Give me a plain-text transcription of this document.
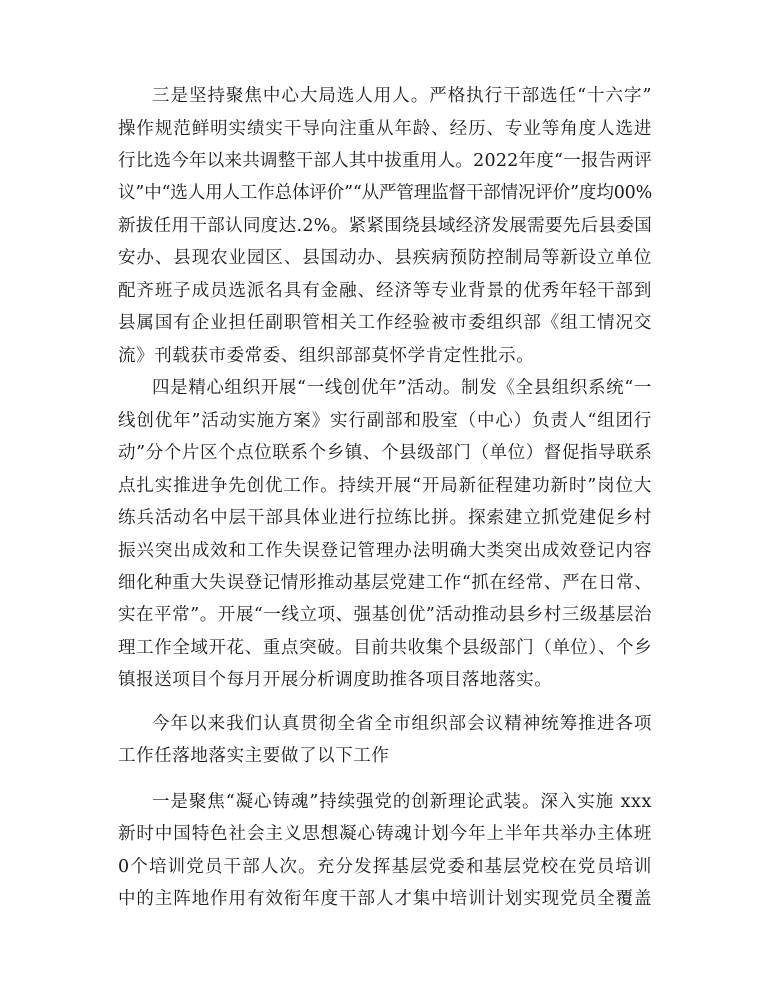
三是坚持聚焦中心大局选人用人。严格执行干部选任“十六字”
操作规范鲜明实绩实干导向注重从年龄、经历、专业等角度人选进
行比选今年以来共调整干部人其中拔重用人。2022年度“一报告两评
议”中“选人用人工作总体评价”“从严管理监督干部情况评价”度均00%
新拔任用干部认同度达.2%。紧紧围绕县域经济发展需要先后县委国
安办、县现农业园区、县国动办、县疾病预防控制局等新设立单位
配齐班子成员选派名具有金融、经济等专业背景的优秀年轻干部到
县属国有企业担任副职管相关工作经验被市委组织部《组工情况交
流》刊载获市委常委、组织部部莫怀学肯定性批示。
四是精心组织开展“一线创优年”活动。制发《全县组织系统“一
线创优年”活动实施方案》实行副部和股室（中心）负责人“组团行
动”分个片区个点位联系个乡镇、个县级部门（单位）督促指导联系
点扎实推进争先创优工作。持续开展“开局新征程建功新时”岗位大
练兵活动名中层干部具体业进行拉练比拼。探索建立抓党建促乡村
振兴突出成效和工作失误登记管理办法明确大类突出成效登记内容
细化种重大失误登记情形推动基层党建工作“抓在经常、严在日常、
实在平常”。开展“一线立项、强基创优”活动推动县乡村三级基层治
理工作全域开花、重点突破。目前共收集个县级部门（单位）、个乡
镇报送项目个每月开展分析调度助推各项目落地落实。
今年以来我们认真贯彻全省全市组织部会议精神统筹推进各项
工作任落地落实主要做了以下工作
一是聚焦“凝心铸魂”持续强党的创新理论武装。深入实施 xxx
新时中国特色社会主义思想凝心铸魂计划今年上半年共举办主体班
0个培训党员干部人次。充分发挥基层党委和基层党校在党员培训
中的主阵地作用有效衔年度干部人才集中培训计划实现党员全覆盖
